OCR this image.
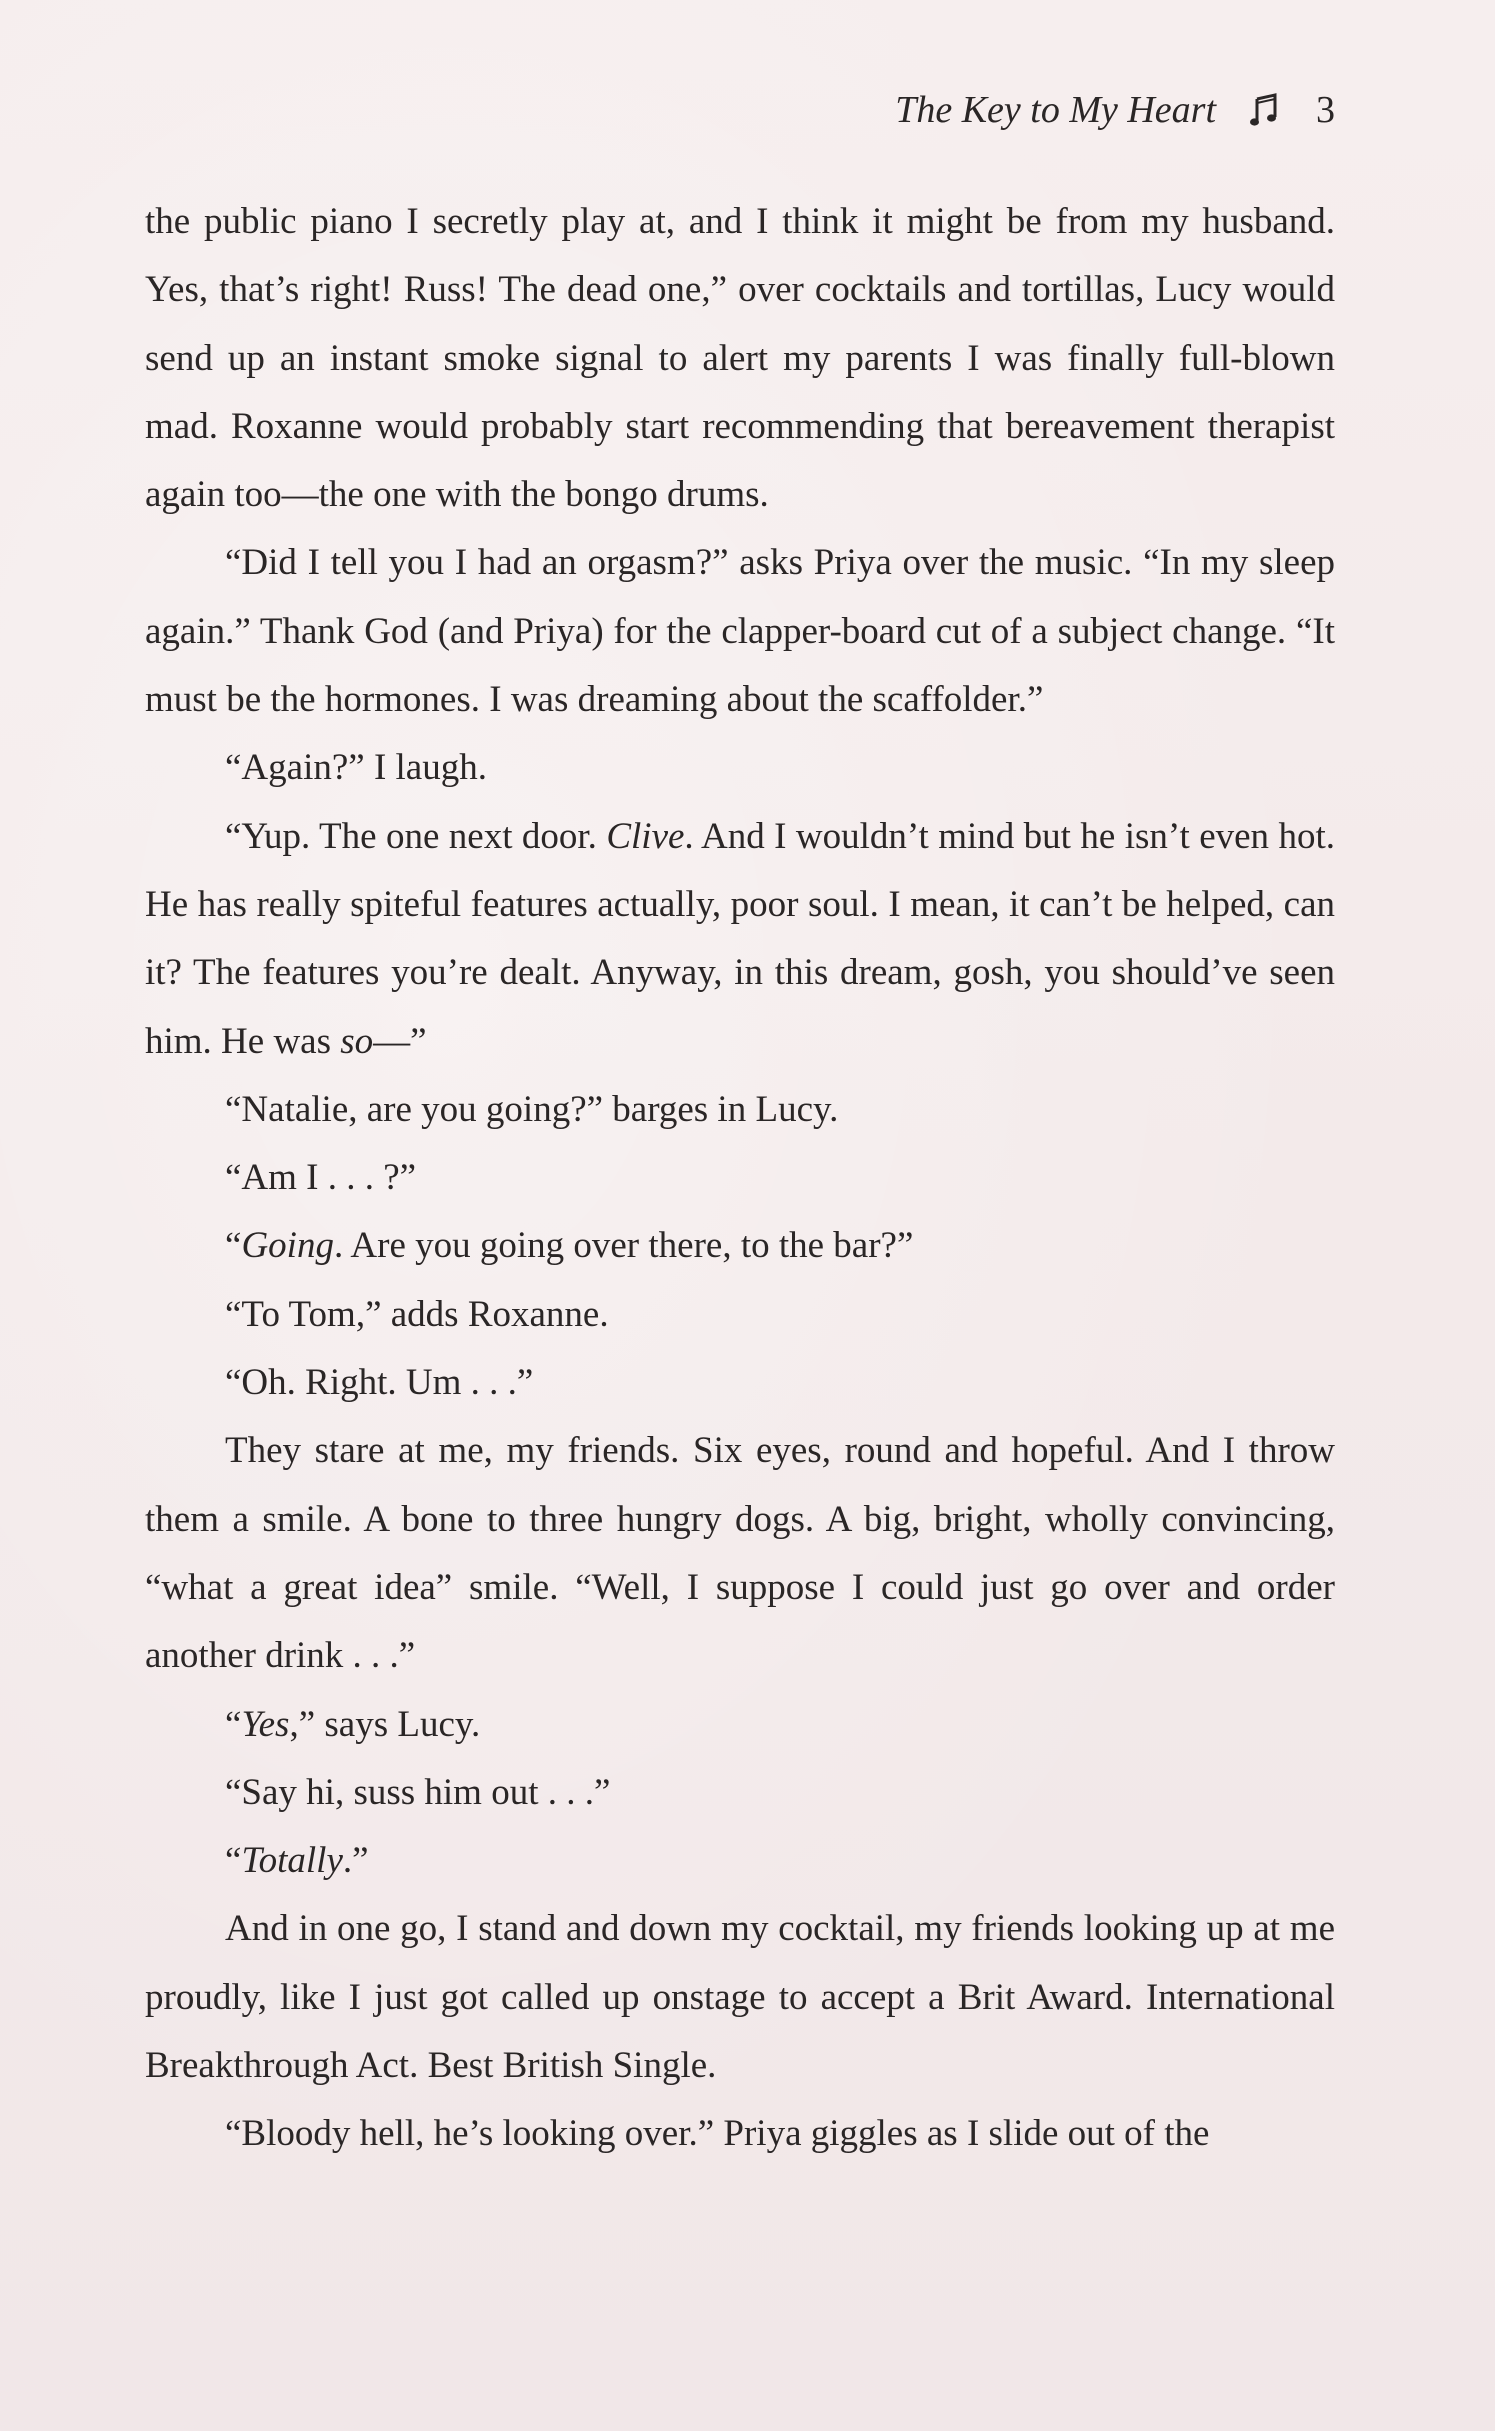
The Key to My Heart	3

the public piano I secretly play at, and I think it might be from my husband. Yes, that’s right! Russ! The dead one,” over cocktails and tortillas, Lucy would send up an instant smoke signal to alert my parents I was finally full-blown mad. Roxanne would probably start recommending that bereavement therapist again too—the one with the bongo drums.

“Did I tell you I had an orgasm?” asks Priya over the music. “In my sleep again.” Thank God (and Priya) for the clapper-board cut of a subject change. “It must be the hormones. I was dreaming about the scaffolder.”

“Again?” I laugh.

“Yup. The one next door. Clive. And I wouldn’t mind but he isn’t even hot. He has really spiteful features actually, poor soul. I mean, it can’t be helped, can it? The features you’re dealt. Anyway, in this dream, gosh, you should’ve seen him. He was so—”

“Natalie, are you going?” barges in Lucy.

“Am I . . . ?”

“Going. Are you going over there, to the bar?”

“To Tom,” adds Roxanne.

“Oh. Right. Um . . .”

They stare at me, my friends. Six eyes, round and hopeful. And I throw them a smile. A bone to three hungry dogs. A big, bright, wholly convincing, “what a great idea” smile. “Well, I suppose I could just go over and order another drink . . .”

“Yes,” says Lucy.

“Say hi, suss him out . . .”

“Totally.”

And in one go, I stand and down my cocktail, my friends looking up at me proudly, like I just got called up onstage to accept a Brit Award. International Breakthrough Act. Best British Single.

“Bloody hell, he’s looking over.” Priya giggles as I slide out of the
